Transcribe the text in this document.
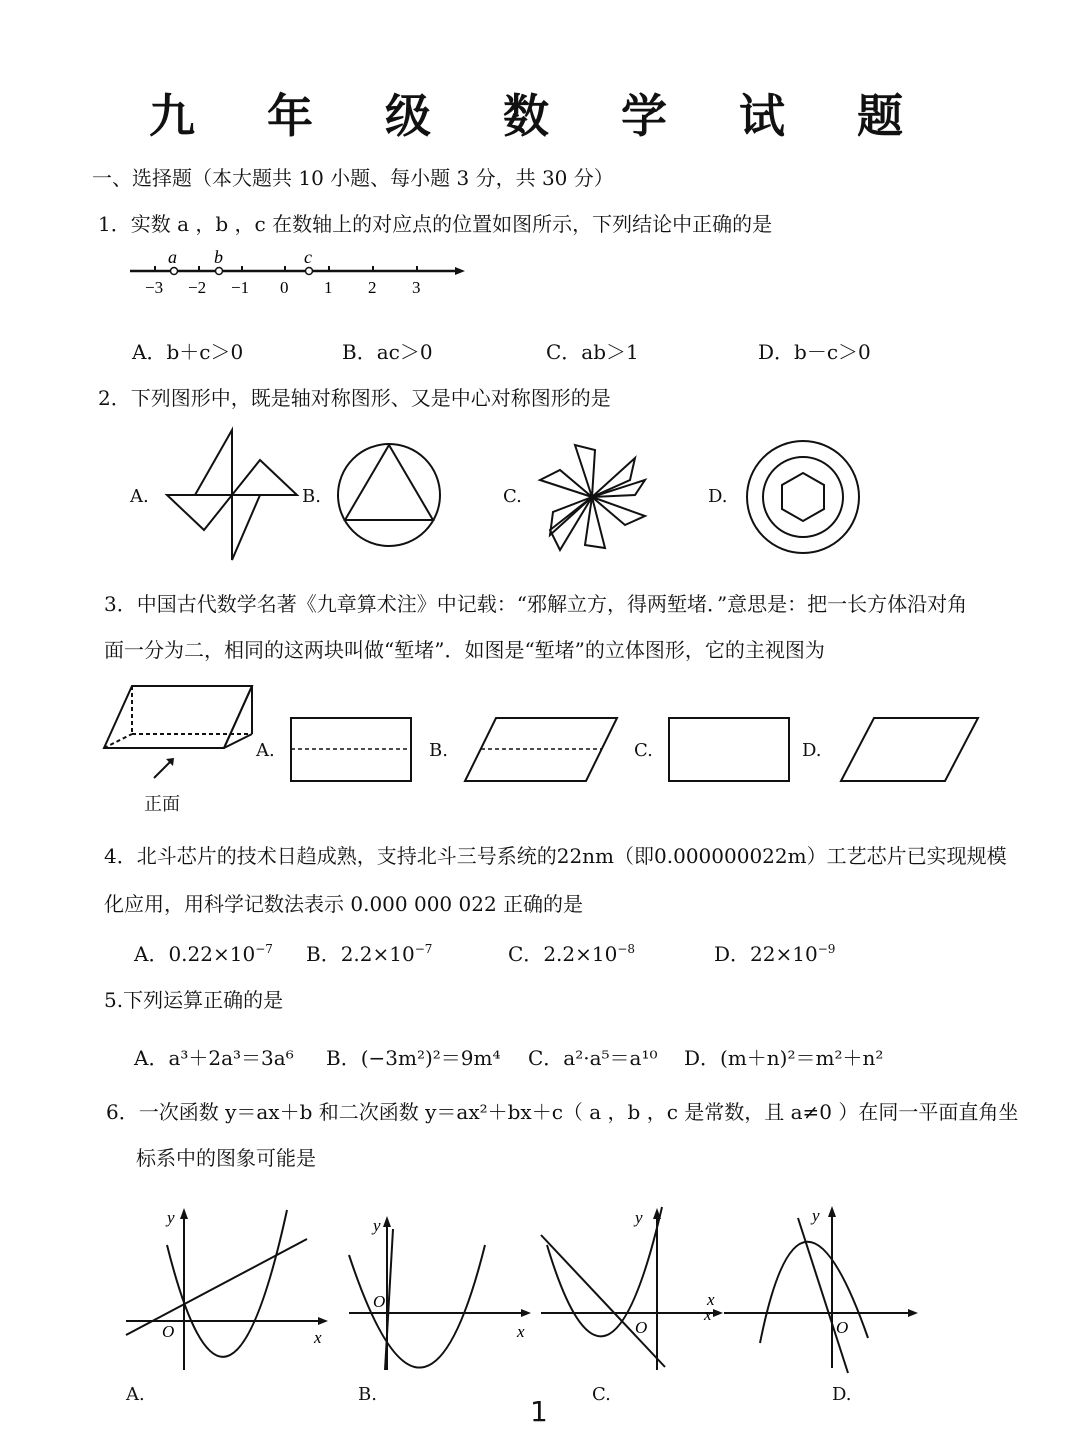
九 年 级 数 学 试 题
一、选择题（本大题共 10 小题、每小题 3 分，共 30 分）
1．实数 a ，b ，c 在数轴上的对应点的位置如图所示，下列结论中正确的是
a b	c
−3 −2 −1 0 1 2 3
A．b＋c＞0	B．ac＞0	C．ab＞1	D．b－c＞0
2．下列图形中，既是轴对称图形、又是中心对称图形的是
A.	B.	C.	D.
3．中国古代数学名著《九章算术注》中记载：“邪解立方，得两堑堵．”意思是：把一长方体沿对角
面一分为二，相同的这两块叫做“堑堵”．如图是“堑堵”的立体图形，它的主视图为
正面
A.	B.	C.	D.
4．北斗芯片的技术日趋成熟，支持北斗三号系统的22nm（即0.000000022m）工艺芯片已实现规模
化应用，用科学记数法表示 0.000 000 022 正确的是
A．$0.22\times 10^{-7}$ B．$2.2\times 10^{-7}$	C．$2.2\times 10^{-8}$	D．$22\times 10^{-9}$
5.下列运算正确的是
A．a³＋2a³＝3a⁶ B．(−3m²)²＝9m⁴ C．a²·a⁵＝a¹⁰ D．(m＋n)²＝m²＋n²
6．一次函数 y＝ax＋b 和二次函数 y＝ax²＋bx＋c（ a ，b ，c 是常数，且 a≠0 ）在同一平面直角坐
标系中的图象可能是
x
y
O
A.
x
y
O
B.
x
y
O
C.
x
y
O
D.
1
